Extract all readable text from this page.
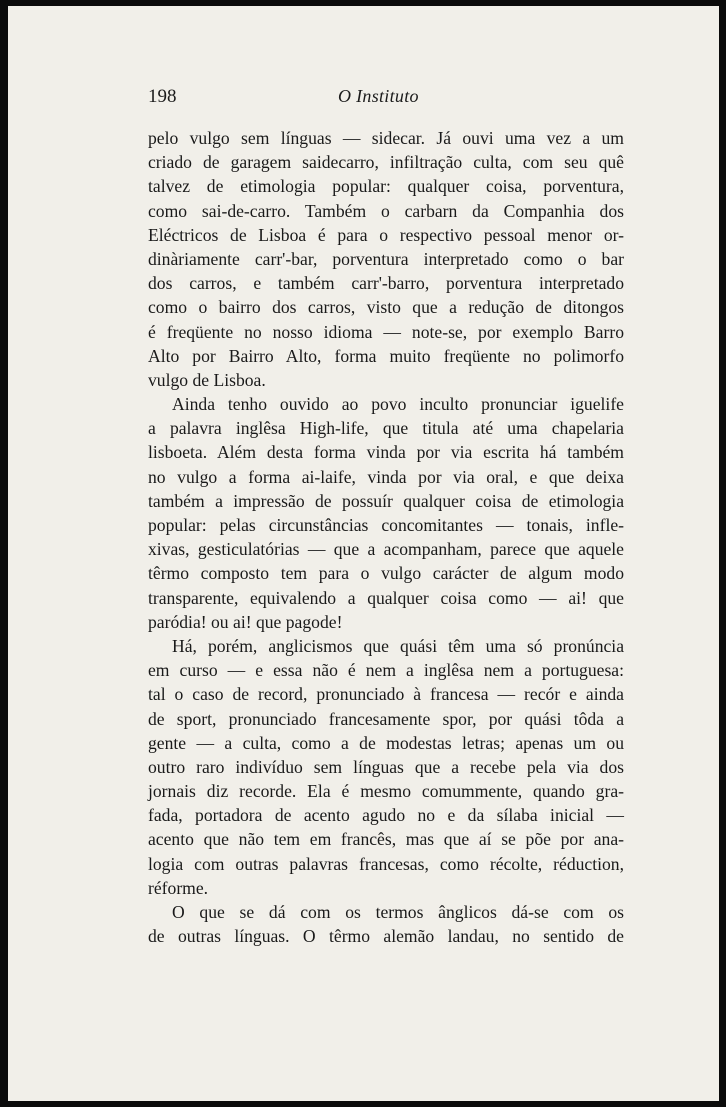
198	O Instituto
pelo vulgo sem línguas — sidecar. Já ouvi uma vez a um
criado de garagem saidecarro, infiltração culta, com seu quê
talvez de etimologia popular: qualquer coisa, porventura,
como sai-de-carro. Também o carbarn da Companhia dos
Eléctricos de Lisboa é para o respectivo pessoal menor or-
dinàriamente carr'-bar, porventura interpretado como o bar
dos carros, e também carr'-barro, porventura interpretado
como o bairro dos carros, visto que a redução de ditongos
é freqüente no nosso idioma — note-se, por exemplo Barro
Alto por Bairro Alto, forma muito freqüente no polimorfo
vulgo de Lisboa.
Ainda tenho ouvido ao povo inculto pronunciar iguelife
a palavra inglêsa High-life, que titula até uma chapelaria
lisboeta. Além desta forma vinda por via escrita há também
no vulgo a forma ai-laife, vinda por via oral, e que deixa
também a impressão de possuír qualquer coisa de etimologia
popular: pelas circunstâncias concomitantes — tonais, infle-
xivas, gesticulatórias — que a acompanham, parece que aquele
têrmo composto tem para o vulgo carácter de algum modo
transparente, equivalendo a qualquer coisa como — ai! que
paródia! ou ai! que pagode!
Há, porém, anglicismos que quási têm uma só pronúncia
em curso — e essa não é nem a inglêsa nem a portuguesa:
tal o caso de record, pronunciado à francesa — recór e ainda
de sport, pronunciado francesamente spor, por quási tôda a
gente — a culta, como a de modestas letras; apenas um ou
outro raro indivíduo sem línguas que a recebe pela via dos
jornais diz recorde. Ela é mesmo comummente, quando gra-
fada, portadora de acento agudo no e da sílaba inicial —
acento que não tem em francês, mas que aí se põe por ana-
logia com outras palavras francesas, como récolte, réduction,
réforme.
O que se dá com os termos ânglicos dá-se com os
de outras línguas. O têrmo alemão landau, no sentido de
